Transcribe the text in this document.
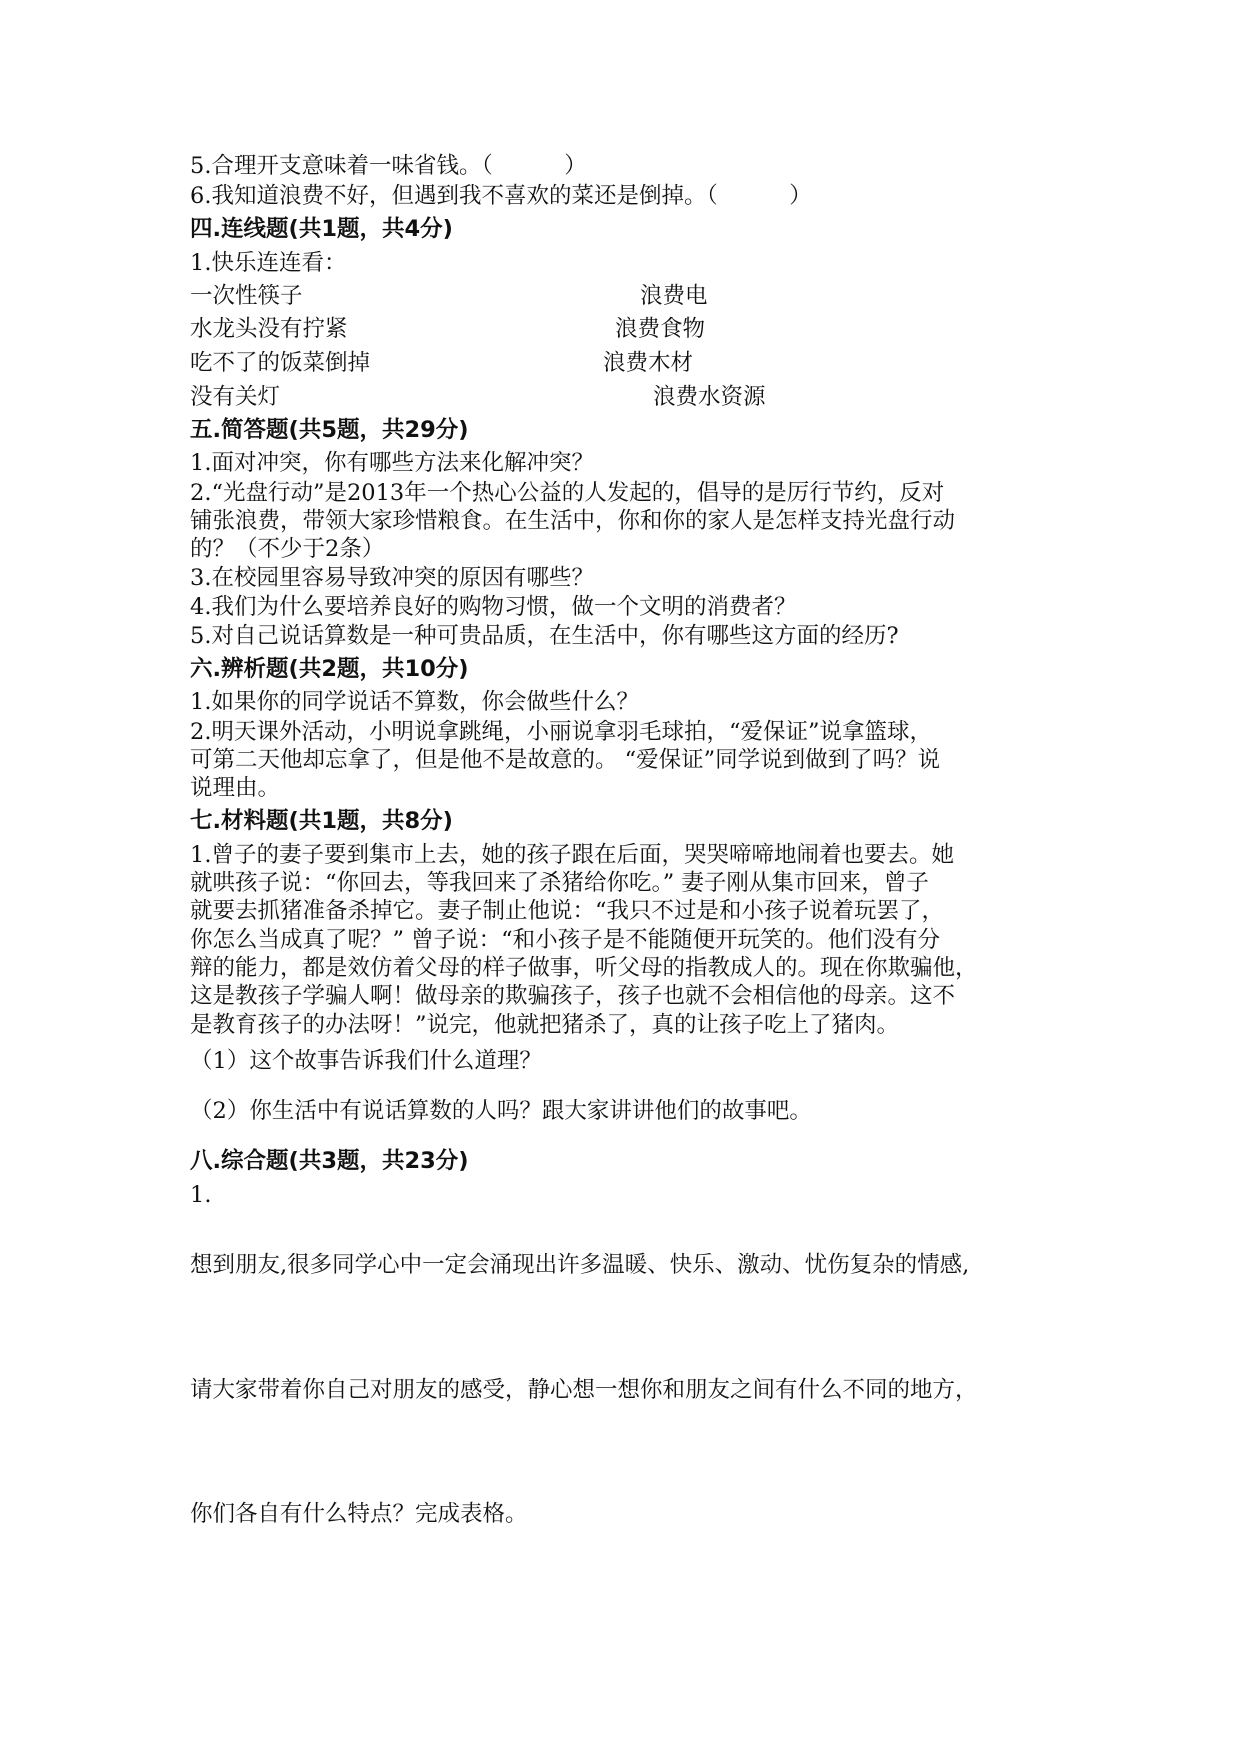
5.合理开支意味着一味省钱。（          ）
6.我知道浪费不好，但遇到我不喜欢的菜还是倒掉。（          ）
四.连线题(共1题，共4分)
1.快乐连连看：
一次性筷子	浪费电
水龙头没有拧紧	浪费食物
吃不了的饭菜倒掉	浪费木材
没有关灯	浪费水资源
五.简答题(共5题，共29分)
1.面对冲突，你有哪些方法来化解冲突？
2.“光盘行动”是2013年一个热心公益的人发起的，倡导的是厉行节约，反对
铺张浪费，带领大家珍惜粮食。在生活中，你和你的家人是怎样支持光盘行动
的？（不少于2条）
3.在校园里容易导致冲突的原因有哪些？
4.我们为什么要培养良好的购物习惯，做一个文明的消费者？
5.对自己说话算数是一种可贵品质，在生活中，你有哪些这方面的经历?
六.辨析题(共2题，共10分)
1.如果你的同学说话不算数，你会做些什么？
2.明天课外活动，小明说拿跳绳，小丽说拿羽毛球拍，“爱保证”说拿篮球，
可第二天他却忘拿了，但是他不是故意的。 “爱保证”同学说到做到了吗？说
说理由。
七.材料题(共1题，共8分)
1.曾子的妻子要到集市上去，她的孩子跟在后面，哭哭啼啼地闹着也要去。她
就哄孩子说：“你回去，等我回来了杀猪给你吃。” 妻子刚从集市回来，曾子
就要去抓猪准备杀掉它。妻子制止他说：“我只不过是和小孩子说着玩罢了，
你怎么当成真了呢？” 曾子说：“和小孩子是不能随便开玩笑的。他们没有分
辩的能力，都是效仿着父母的样子做事，听父母的指教成人的。现在你欺骗他，
这是教孩子学骗人啊！做母亲的欺骗孩子，孩子也就不会相信他的母亲。这不
是教育孩子的办法呀！”说完，他就把猪杀了，真的让孩子吃上了猪肉。
（1）这个故事告诉我们什么道理？
（2）你生活中有说话算数的人吗？跟大家讲讲他们的故事吧。
八.综合题(共3题，共23分)
1.
想到朋友,很多同学心中一定会涌现出许多温暖、快乐、激动、忧伤复杂的情感,
请大家带着你自己对朋友的感受，静心想一想你和朋友之间有什么不同的地方，
你们各自有什么特点？完成表格。
